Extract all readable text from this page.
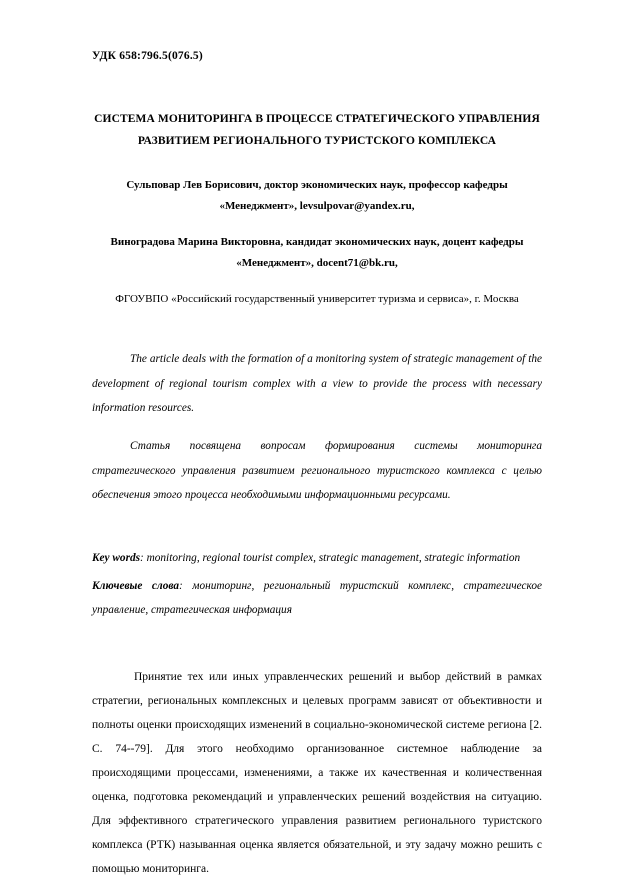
УДК 658:796.5(076.5)
СИСТЕМА МОНИТОРИНГА В ПРОЦЕССЕ СТРАТЕГИЧЕСКОГО УПРАВЛЕНИЯ РАЗВИТИЕМ РЕГИОНАЛЬНОГО ТУРИСТСКОГО КОМПЛЕКСА
Сульповар Лев Борисович, доктор экономических наук, профессор кафедры «Менеджмент», levsulpovar@yandex.ru,
Виноградова Марина Викторовна, кандидат экономических наук, доцент кафедры «Менеджмент», docent71@bk.ru,
ФГОУВПО «Российский государственный университет туризма и сервиса», г. Москва
The article deals with the formation of a monitoring system of strategic management of the development of regional tourism complex with a view to provide the process with necessary information resources.
Статья посвящена вопросам формирования системы мониторинга стратегического управления развитием регионального туристского комплекса с целью обеспечения этого процесса необходимыми информационными ресурсами.
Key words: monitoring, regional tourist complex, strategic management, strategic information
Ключевые слова: мониторинг, региональный туристский комплекс, стратегическое управление, стратегическая информация
Принятие тех или иных управленческих решений и выбор действий в рамках стратегии, региональных комплексных и целевых программ зависят от объективности и полноты оценки происходящих изменений в социально-экономической системе региона [2. С. 74--79]. Для этого необходимо организованное системное наблюдение за происходящими процессами, изменениями, а также их качественная и количественная оценка, подготовка рекомендаций и управленческих решений воздействия на ситуацию. Для эффективного стратегического управления развитием регионального туристского комплекса (РТК) называнная оценка является обязательной, и эту задачу можно решить с помощью мониторинга.
